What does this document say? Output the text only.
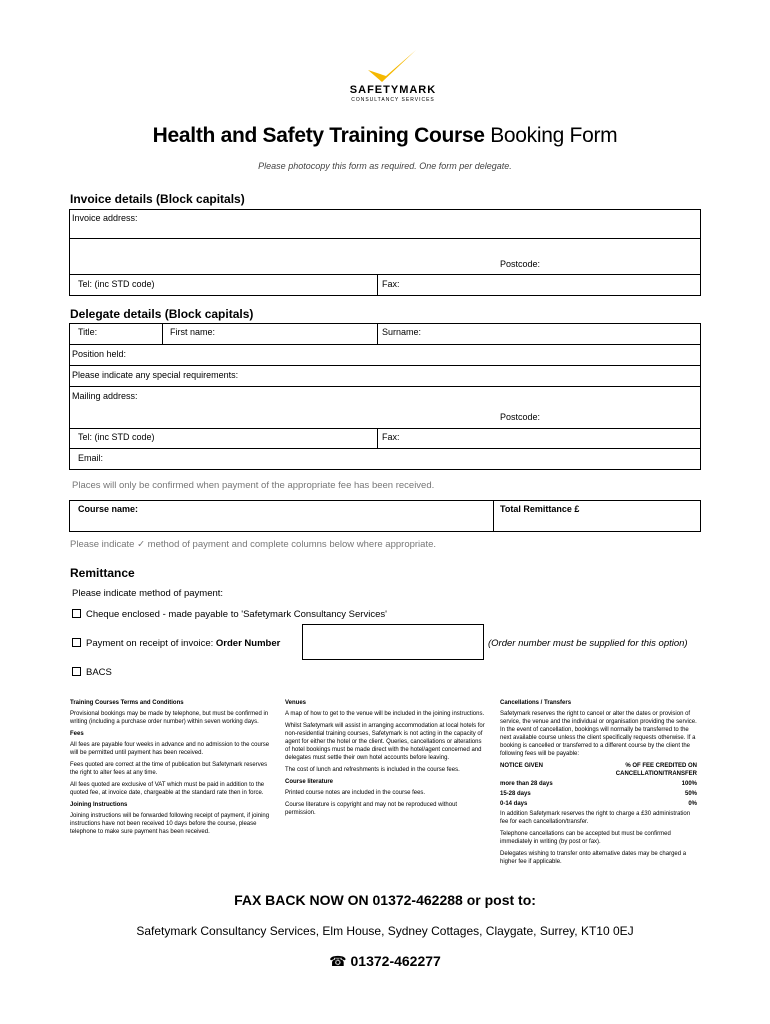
SAFETYMARK
CONSULTANCY SERVICES
Health and Safety Training Course Booking Form
Please photocopy this form as required. One form per delegate.
Invoice details (Block capitals)
Invoice address:
Postcode:
Tel: (inc STD code)	Fax:
Delegate details (Block capitals)
Title:	First name:	Surname:
Position held:
Please indicate any special requirements:
Mailing address:
Postcode:
Tel: (inc STD code)	Fax:
Email:
Places will only be confirmed when payment of the appropriate fee has been received.
Course name:	Total Remittance £
Please indicate ✓ method of payment and complete columns below where appropriate.
Remittance
Please indicate method of payment:
Cheque enclosed - made payable to 'Safetymark Consultancy Services'
Payment on receipt of invoice: Order Number	(Order number must be supplied for this option)
BACS
Training Courses Terms and Conditions

Provisional bookings may be made by telephone, but must be confirmed in writing (including a purchase order number) within seven working days.

Fees

All fees are payable four weeks in advance and no admission to the course will be permitted until payment has been received.

Fees quoted are correct at the time of publication but Safetymark reserves the right to alter fees at any time.

All fees quoted are exclusive of VAT which must be paid in addition to the quoted fee, at invoice date, chargeable at the standard rate then in force.

Joining Instructions

Joining instructions will be forwarded following receipt of payment, if joining instructions have not been received 10 days before the course, please telephone to make sure payment has been received.

Venues

A map of how to get to the venue will be included in the joining instructions.

Whilst Safetymark will assist in arranging accommodation at local hotels for non-residential training courses, Safetymark is not acting in the capacity of agent for either the hotel or the client. Queries, cancellations or alterations of hotel bookings must be made direct with the hotel/agent concerned and delegates must settle their own hotel accounts before leaving.

The cost of lunch and refreshments is included in the course fees.

Course literature

Printed course notes are included in the course fees.

Course literature is copyright and may not be reproduced without permission.

Cancellations / Transfers

Safetymark reserves the right to cancel or alter the dates or provision of service, the venue and the individual or organisation providing the service. In the event of cancellation, bookings will normally be transferred to the next available course unless the client specifically requests otherwise. If a booking is cancelled or transferred to a different course by the client the following fees will be payable:

NOTICE GIVEN	% OF FEE CREDITED ON CANCELLATION/TRANSFER
more than 28 days	100%
15-28 days	50%
0-14 days	0%

In addition Safetymark reserves the right to charge a £30 administration fee for each cancellation/transfer.

Telephone cancellations can be accepted but must be confirmed immediately in writing (by post or fax).

Delegates wishing to transfer onto alternative dates may be charged a higher fee if applicable.

FAX BACK NOW ON 01372-462288 or post to:
Safetymark Consultancy Services, Elm House, Sydney Cottages, Claygate, Surrey, KT10 0EJ
☎ 01372-462277
